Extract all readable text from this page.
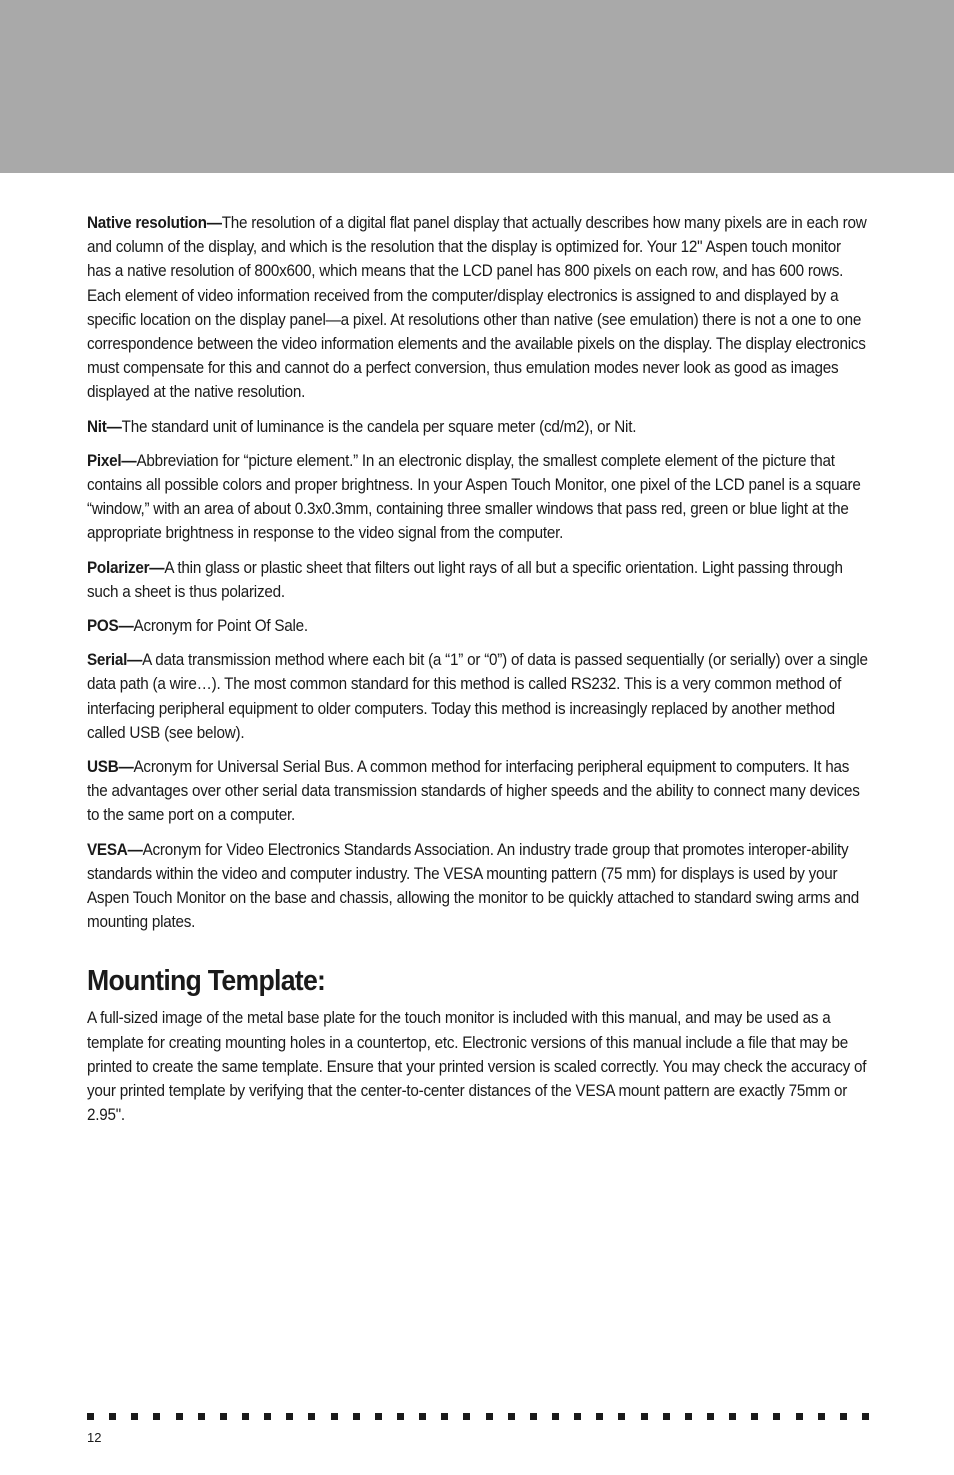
Native resolution—The resolution of a digital flat panel display that actually describes how many pixels are in each row and column of the display, and which is the resolution that the display is optimized for. Your 12" Aspen touch monitor has a native resolution of 800x600, which means that the LCD panel has 800 pixels on each row, and has 600 rows. Each element of video information received from the computer/display electronics is assigned to and displayed by a specific location on the display panel—a pixel. At resolutions other than native (see emulation) there is not a one to one correspondence between the video information elements and the available pixels on the display. The display electronics must compensate for this and cannot do a perfect conversion, thus emulation modes never look as good as images displayed at the native resolution.

Nit—The standard unit of luminance is the candela per square meter (cd/m2), or Nit.

Pixel—Abbreviation for “picture element.” In an electronic display, the smallest complete element of the picture that contains all possible colors and proper brightness. In your Aspen Touch Monitor, one pixel of the LCD panel is a square “window,” with an area of about 0.3x0.3mm, containing three smaller windows that pass red, green or blue light at the appropriate brightness in response to the video signal from the computer.

Polarizer—A thin glass or plastic sheet that filters out light rays of all but a specific orientation. Light passing through such a sheet is thus polarized.

POS—Acronym for Point Of Sale.

Serial—A data transmission method where each bit (a “1” or “0”) of data is passed sequentially (or serially) over a single data path (a wire…). The most common standard for this method is called RS232. This is a very common method of interfacing peripheral equipment to older computers. Today this method is increasingly replaced by another method called USB (see below).

USB—Acronym for Universal Serial Bus. A common method for interfacing peripheral equipment to computers. It has the advantages over other serial data transmission standards of higher speeds and the ability to connect many devices to the same port on a computer.

VESA—Acronym for Video Electronics Standards Association. An industry trade group that promotes interoper-ability standards within the video and computer industry. The VESA mounting pattern (75 mm) for displays is used by your Aspen Touch Monitor on the base and chassis, allowing the monitor to be quickly attached to standard swing arms and mounting plates.

Mounting Template:

A full-sized image of the metal base plate for the touch monitor is included with this manual, and may be used as a template for creating mounting holes in a countertop, etc. Electronic versions of this manual include a file that may be printed to create the same template. Ensure that your printed version is scaled correctly. You may check the accuracy of your printed template by verifying that the center-to-center distances of the VESA mount pattern are exactly 75mm or 2.95".

12
